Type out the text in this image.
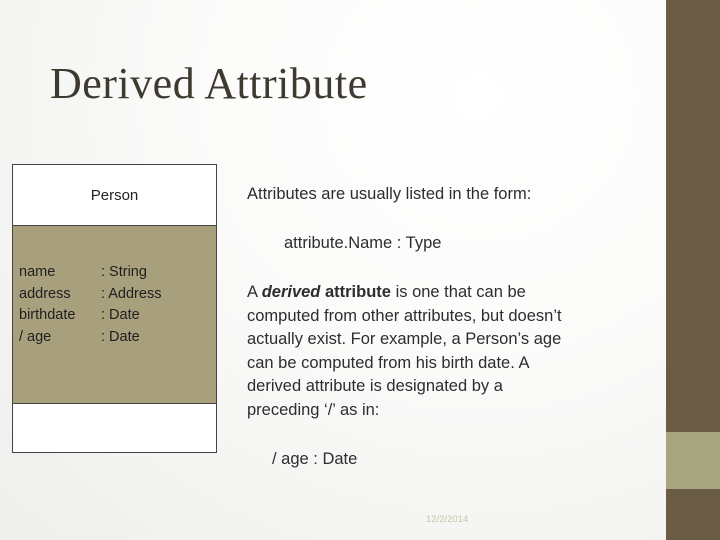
Derived Attribute
Person
name	: String
address	: Address
birthdate	: Date
/ age	: Date
Attributes are usually listed in the form:
attribute.Name : Type
A derived attribute is one that can be computed from other attributes, but doesn’t actually exist. For example, a Person’s age can be computed from his birth date. A derived attribute is designated by a preceding ‘/’ as in:
/ age : Date
12/2/2014
